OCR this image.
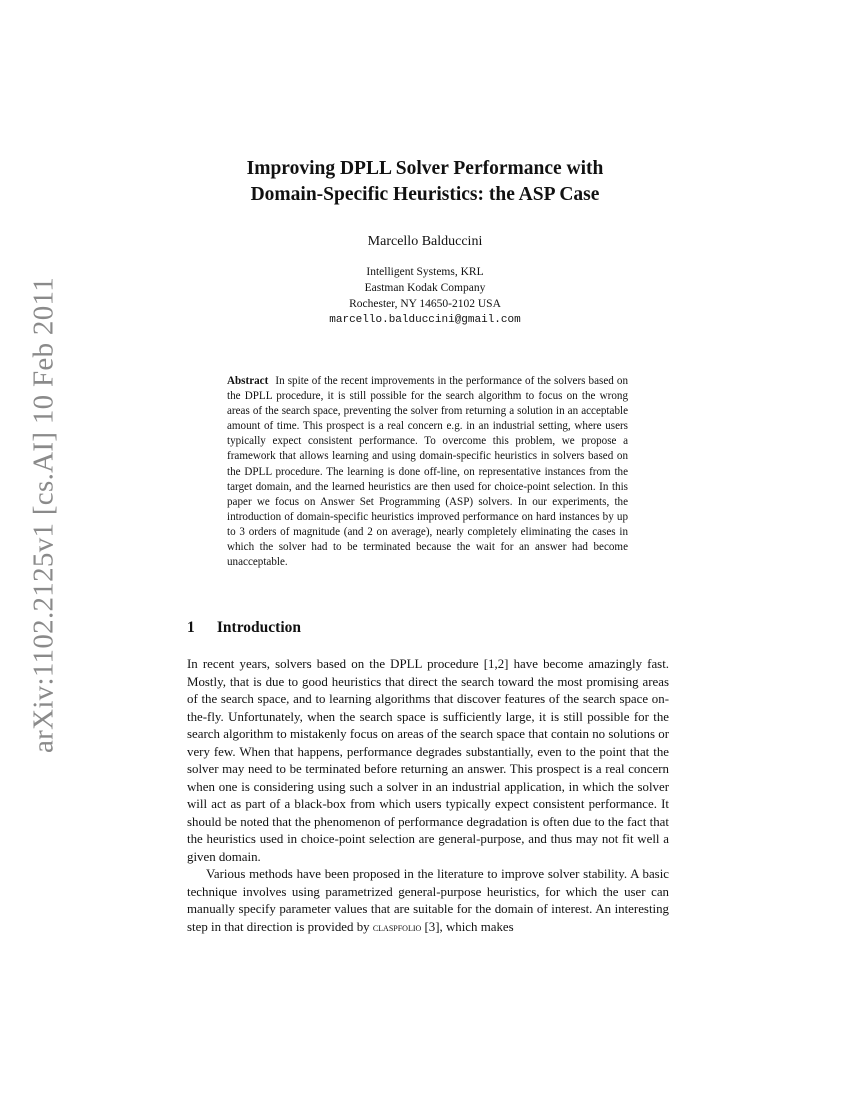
arXiv:1102.2125v1 [cs.AI] 10 Feb 2011
Improving DPLL Solver Performance with
Domain-Specific Heuristics: the ASP Case
Marcello Balduccini
Intelligent Systems, KRL
Eastman Kodak Company
Rochester, NY 14650-2102 USA
marcello.balduccini@gmail.com
Abstract In spite of the recent improvements in the performance of the solvers based on the DPLL procedure, it is still possible for the search algorithm to focus on the wrong areas of the search space, preventing the solver from returning a solution in an acceptable amount of time. This prospect is a real concern e.g. in an industrial setting, where users typically expect consistent performance. To overcome this problem, we propose a framework that allows learning and using domain-specific heuristics in solvers based on the DPLL procedure. The learning is done off-line, on representative instances from the target domain, and the learned heuristics are then used for choice-point selection. In this paper we focus on Answer Set Programming (ASP) solvers. In our experiments, the introduction of domain-specific heuristics improved performance on hard instances by up to 3 orders of magnitude (and 2 on average), nearly completely eliminating the cases in which the solver had to be terminated because the wait for an answer had become unacceptable.
1 Introduction

In recent years, solvers based on the DPLL procedure [1,2] have become amazingly fast. Mostly, that is due to good heuristics that direct the search toward the most promising areas of the search space, and to learning algorithms that discover features of the search space on-the-fly. Unfortunately, when the search space is sufficiently large, it is still possible for the search algorithm to mistakenly focus on areas of the search space that contain no solutions or very few. When that happens, performance degrades substantially, even to the point that the solver may need to be terminated before returning an answer. This prospect is a real concern when one is considering using such a solver in an industrial application, in which the solver will act as part of a black-box from which users typically expect consistent performance. It should be noted that the phenomenon of performance degradation is often due to the fact that the heuristics used in choice-point selection are general-purpose, and thus may not fit well a given domain.

Various methods have been proposed in the literature to improve solver stability. A basic technique involves using parametrized general-purpose heuristics, for which the user can manually specify parameter values that are suitable for the domain of interest. An interesting step in that direction is provided by claspfolio [3], which makes
